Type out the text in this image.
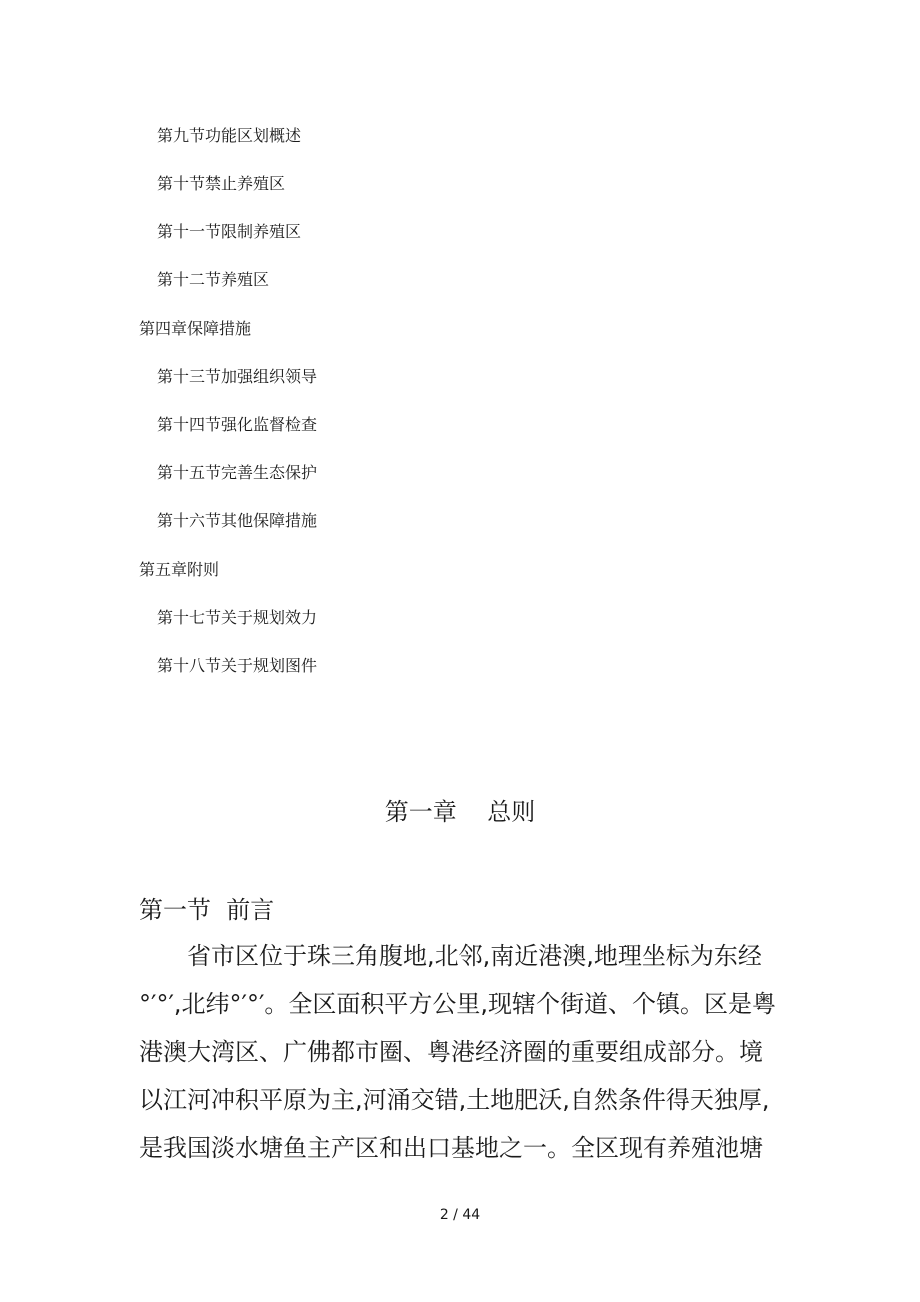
第九节功能区划概述
第十节禁止养殖区
第十一节限制养殖区
第十二节养殖区
第四章保障措施
第十三节加强组织领导
第十四节强化监督检查
第十五节完善生态保护
第十六节其他保障措施
第五章附则
第十七节关于规划效力
第十八节关于规划图件
第一章    总则
第一节  前言
省市区位于珠三角腹地,北邻,南近港澳,地理坐标为东经
°′°′,北纬°′°′。全区面积平方公里,现辖个街道、个镇。区是粤
港澳大湾区、广佛都市圈、粤港经济圈的重要组成部分。境
以江河冲积平原为主,河涌交错,土地肥沃,自然条件得天独厚,
是我国淡水塘鱼主产区和出口基地之一。全区现有养殖池塘
2 / 44
